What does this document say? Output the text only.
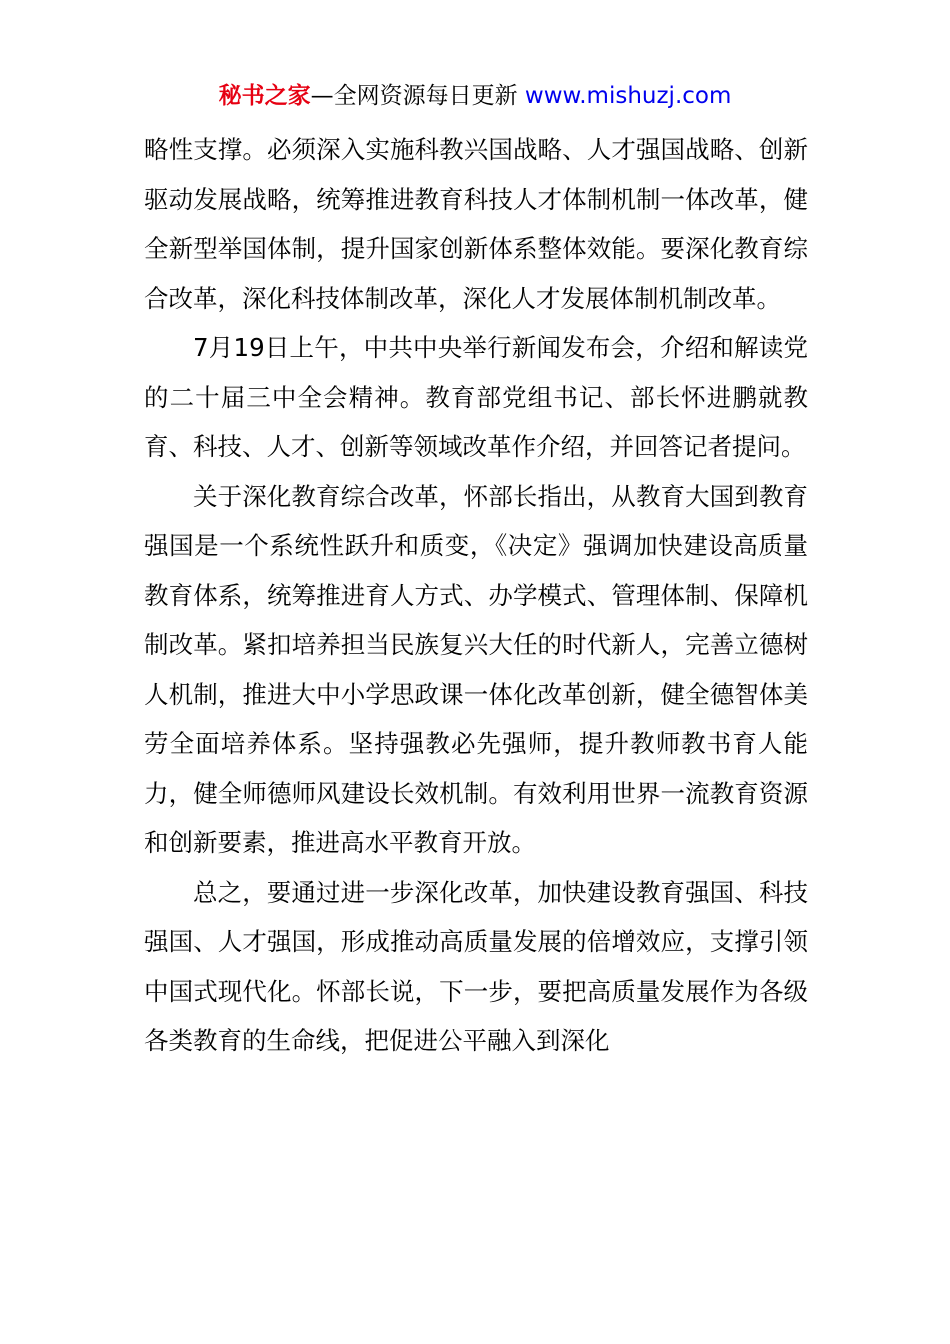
秘书之家—全网资源每日更新 www.mishuzj.com

略性支撑。必须深入实施科教兴国战略、人才强国战略、创新驱动发展战略，统筹推进教育科技人才体制机制一体改革，健全新型举国体制，提升国家创新体系整体效能。要深化教育综合改革，深化科技体制改革，深化人才发展体制机制改革。

7月19日上午，中共中央举行新闻发布会，介绍和解读党的二十届三中全会精神。教育部党组书记、部长怀进鹏就教育、科技、人才、创新等领域改革作介绍，并回答记者提问。

关于深化教育综合改革，怀部长指出，从教育大国到教育强国是一个系统性跃升和质变，《决定》强调加快建设高质量教育体系，统筹推进育人方式、办学模式、管理体制、保障机制改革。紧扣培养担当民族复兴大任的时代新人，完善立德树人机制，推进大中小学思政课一体化改革创新，健全德智体美劳全面培养体系。坚持强教必先强师，提升教师教书育人能力，健全师德师风建设长效机制。有效利用世界一流教育资源和创新要素，推进高水平教育开放。

总之，要通过进一步深化改革，加快建设教育强国、科技强国、人才强国，形成推动高质量发展的倍增效应，支撑引领中国式现代化。怀部长说，下一步，要把高质量发展作为各级各类教育的生命线，把促进公平融入到深化
